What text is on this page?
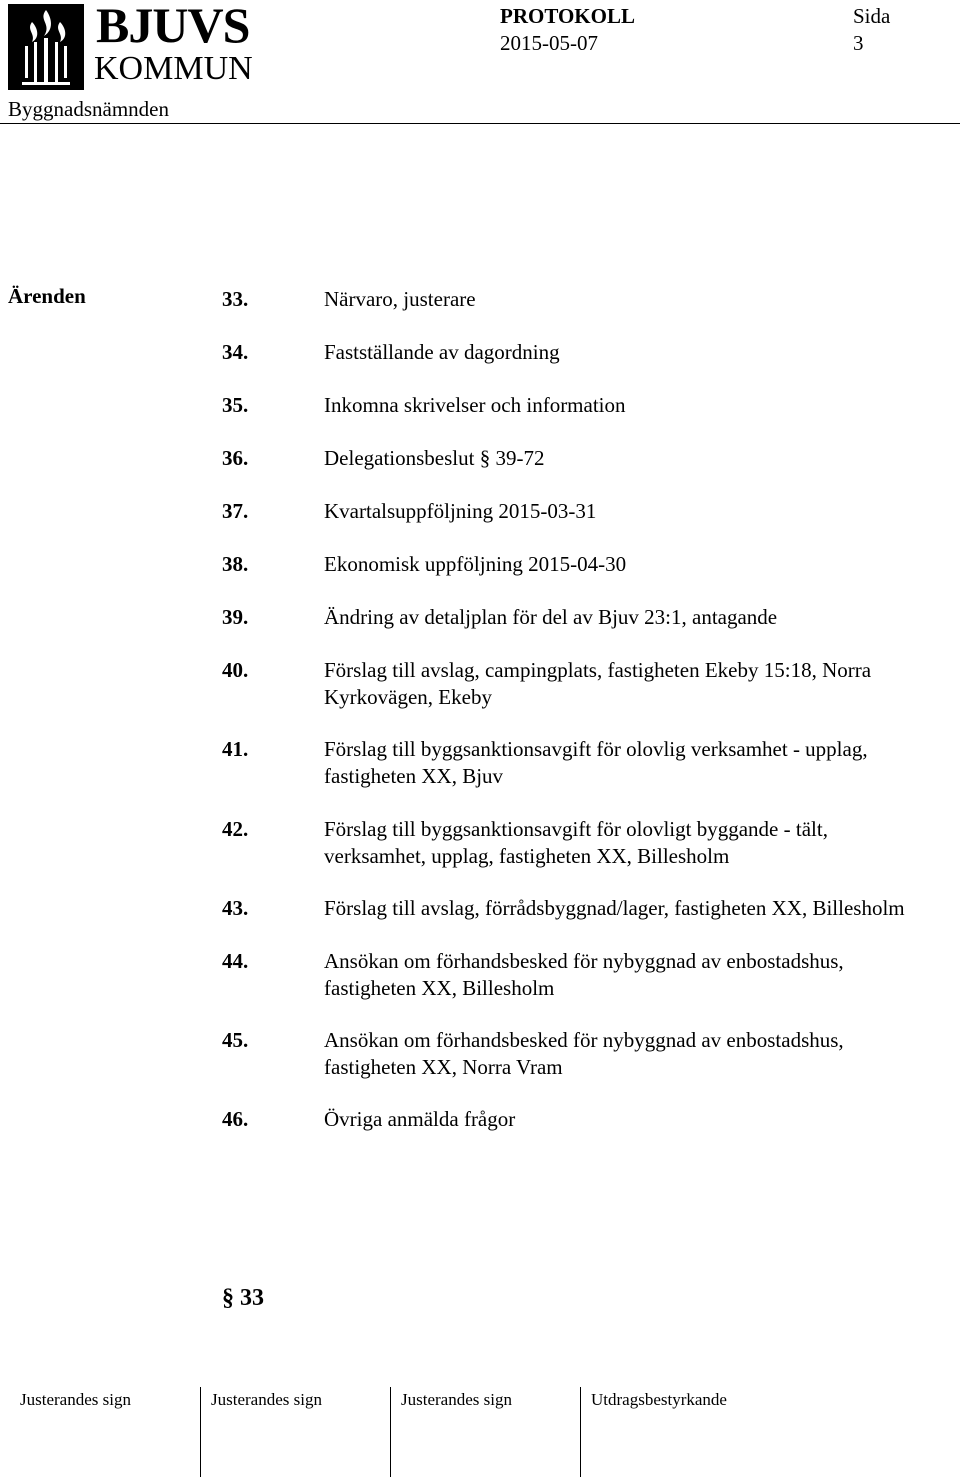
BJUVS
KOMMUN
Byggnadsnämnden
PROTOKOLL
2015-05-07
Sida
3
Ärenden	33.	Närvaro, justerare
34.	Fastställande av dagordning
35.	Inkomna skrivelser och information
36.	Delegationsbeslut § 39-72
37.	Kvartalsuppföljning 2015-03-31
38.	Ekonomisk uppföljning 2015-04-30
39.	Ändring av detaljplan för del av Bjuv 23:1, antagande
40.	Förslag till avslag, campingplats, fastigheten Ekeby 15:18, Norra Kyrkovägen, Ekeby
41.	Förslag till byggsanktionsavgift för olovlig verksamhet - upplag, fastigheten XX, Bjuv
42.	Förslag till byggsanktionsavgift för olovligt byggande - tält, verksamhet, upplag, fastigheten XX, Billesholm
43.	Förslag till avslag, förrådsbyggnad/lager, fastigheten XX, Billesholm
44.	Ansökan om förhandsbesked för nybyggnad av enbostadshus, fastigheten XX, Billesholm
45.	Ansökan om förhandsbesked för nybyggnad av enbostadshus, fastigheten XX, Norra Vram
46.	Övriga anmälda frågor
§ 33
Justerandes sign	Justerandes sign	Justerandes sign	Utdragsbestyrkande
